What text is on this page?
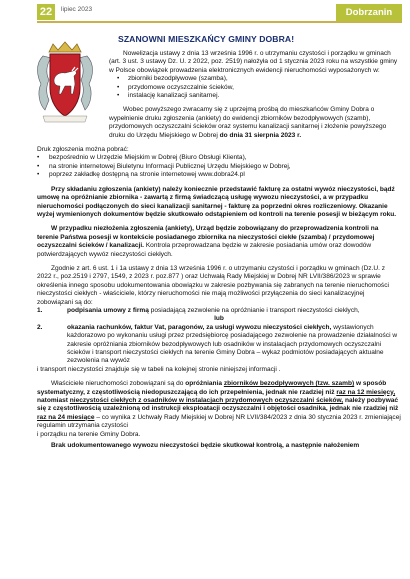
22	lipiec 2023	Dobrzanin
SZANOWNI MIESZKAŃCY GMINY DOBRA!

Nowelizacja ustawy z dnia 13 września 1996 r. o utrzymaniu czystości i porządku w gminach (art. 3 ust. 3 ustawy Dz. U. z 2022, poz. 2519) nałożyła od 1 stycznia 2023 roku na wszystkie gminy w Polsce obowiązek prowadzenia elektronicznych ewidencji nieruchomości wyposażonych w:

•	zbiorniki bezodpływowe (szamba),
•	przydomowe oczyszczalnie ścieków,
•	instalację kanalizacji sanitarnej.

Wobec powyższego zwracamy się z uprzejmą prośbą do mieszkańców Gminy Dobra o wypełnienie druku zgłoszenia (ankiety) do ewidencji zbiorników bezodpływowych (szamb), przydomowych oczyszczalni ścieków oraz systemu kanalizacji sanitarnej i złożenie powyższego druku do Urzędu Miejskiego w Dobrej do dnia 31 sierpnia 2023 r.

Druk zgłoszenia można pobrać:

•	bezpośrednio w Urzędzie Miejskim w Dobrej (Biuro Obsługi Klienta),
•	na stronie internetowej Biuletynu Informacji Publicznej Urzędu Miejskiego w Dobrej,
•	poprzez zakładkę dostępną na stronie internetowej www.dobra24.pl

Przy składaniu zgłoszenia (ankiety) należy koniecznie przedstawić fakturę za ostatni wywóz nieczystości, bądź umowę na opróżnianie zbiornika - zawartą z firmą świadczącą usługę wywozu nieczystości, a w przypadku nieruchomości podłączonych do sieci kanalizacji sanitarnej - fakturę za poprzedni okres rozliczeniowy. Okazanie wyżej wymienionych dokumentów będzie skutkowało odstąpieniem od kontroli na terenie posesji w bieżącym roku.

W przypadku niezłożenia zgłoszenia (ankiety), Urząd będzie zobowiązany do przeprowadzenia kontroli na terenie Państwa posesji w kontekście posiadanego zbiornika na nieczystości ciekłe (szamba) / przydomowej oczyszczalni ścieków / kanalizacji. Kontrola przeprowadzana będzie w zakresie posiadania umów oraz dowodów potwierdzających wywóz nieczystości ciekłych.

Zgodnie z art. 6 ust. 1 i 1a ustawy z dnia 13 września 1996 r. o utrzymaniu czystości i porządku w gminach (Dz.U. z 2022 r., poz.2519 i 2797, 1549, z 2023 r. poz.877 ) oraz Uchwałą Rady Miejskiej w Dobrej NR LVII/386/2023 w sprawie określenia innego sposobu udokumentowania obowiązku w zakresie pozbywania się zabranych na terenie nieruchomości nieczystości ciekłych - właściciele, którzy nieruchomości nie mają możliwości przyłączenia do sieci kanalizacyjnej zobowiązani są do:

1.	podpisania umowy z firmą posiadającą zezwolenie na opróżnianie i transport nieczystości ciekłych,

lub

2.	okazania rachunków, faktur Vat, paragonów, za usługi wywozu nieczystości ciekłych, wystawionych każdorazowo po wykonaniu usługi przez przedsiębiorcę posiadającego zezwolenie na prowadzenie działalności w zakresie opróżniania zbiorników bezodpływowych lub osadników w instalacjach przydomowych oczyszczalni ścieków i transport nieczystości ciekłych na terenie Gminy Dobra – wykaz podmiotów posiadających aktualne zezwolenia na wywóz

i transport nieczystości znajduje się w tabeli na kolejnej stronie niniejszej informacji .

Właściciele nieruchomości zobowiązani są do opróżniania zbiorników bezodpływowych (tzw. szamb) w sposób systematyczny, z częstotliwością niedopuszczającą do ich przepełnienia, jednak nie rzadziej niż raz na 12 miesięcy, natomiast nieczystości ciekłych z osadników w instalacjach przydomowych oczyszczalni ścieków, należy pozbywać się z częstotliwością uzależnioną od instrukcji eksploatacji oczyszczalni i objętości osadnika, jednak nie rzadziej niż raz na 24 miesiące – co wynika z Uchwały Rady Miejskiej w Dobrej NR LVII/384/2023 z dnia 30 stycznia 2023 r. zmieniającej regulamin utrzymania czystości

i porządku na terenie Gminy Dobra.

Brak udokumentowanego wywozu nieczystości będzie skutkował kontrolą, a następnie nałożeniem
